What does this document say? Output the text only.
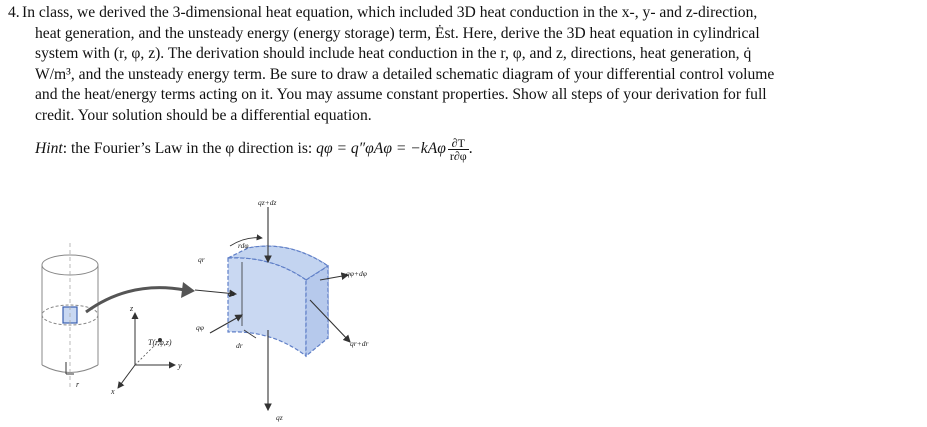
4. In class, we derived the 3-dimensional heat equation, which included 3D heat conduction in the x-, y- and z-direction,
heat generation, and the unsteady energy (energy storage) term, Ėst. Here, derive the 3D heat equation in cylindrical
system with (r, φ, z). The derivation should include heat conduction in the r, φ, and z, directions, heat generation, q̇
W/m³, and the unsteady energy term. Be sure to draw a detailed schematic diagram of your differential control volume
and the heat/energy terms acting on it. You may assume constant properties. Show all steps of your derivation for full
credit. Your solution should be a differential equation.
Hint: the Fourier’s Law in the φ direction is: $q\varphi = q''\varphi A\varphi = -kA\varphi \frac{\partial T}{r\partial\varphi}$ .
z
y
x
r
T(r,φ,z)
qz+dz
rdφ
qr
qφ+dφ
dz
qφ
dr	qr+dr
qz
